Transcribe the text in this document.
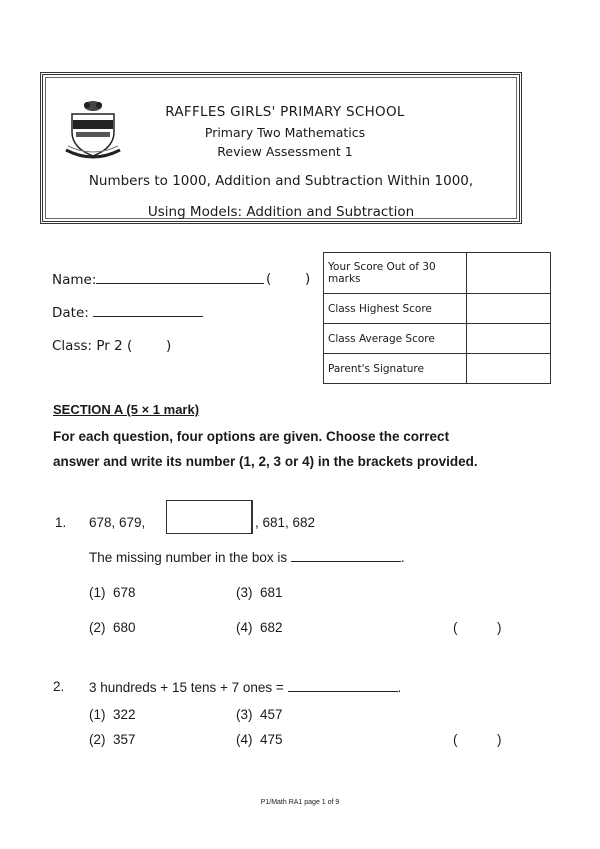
RAFFLES GIRLS' PRIMARY SCHOOL
Primary Two Mathematics
Review Assessment 1
Numbers to 1000, Addition and Subtraction Within 1000,
Using Models: Addition and Subtraction
Name:	( )
Date:
Class: Pr 2 (	)
Your Score Out of 30 marks	
Class Highest Score	
Class Average Score	
Parent's Signature	
SECTION A (5 × 1 mark)
For each question, four options are given. Choose the correct
answer and write its number (1, 2, 3 or 4) in the brackets provided.
1. 678, 679,	, 681, 682
The missing number in the box is	.
(1) 678	(3) 681
(2) 680	(4) 682	(	)
2. 3 hundreds + 15 tens + 7 ones =	.
(1) 322	(3) 457
(2) 357	(4) 475	(	)
P1/Math RA1 page 1 of 9
